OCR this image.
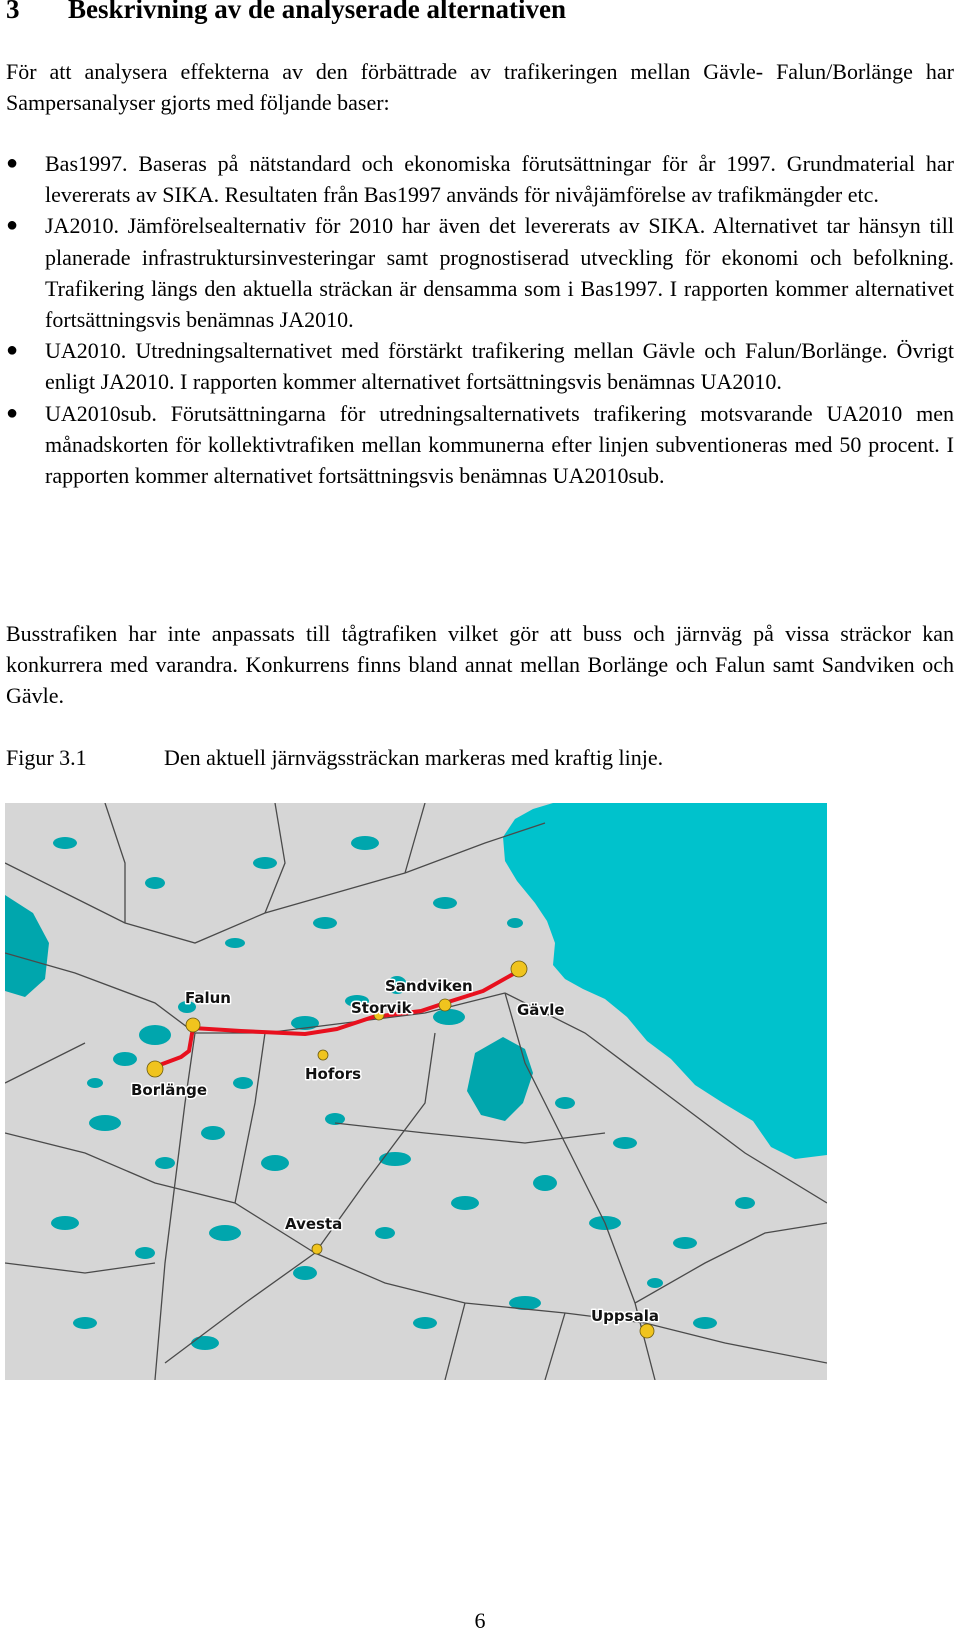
3 Beskrivning av de analyserade alternativen

För att analysera effekterna av den förbättrade av trafikeringen mellan Gävle- Falun/Borlänge har Sampersanalyser gjorts med följande baser:

● Bas1997. Baseras på nätstandard och ekonomiska förutsättningar för år 1997. Grundmaterial har levererats av SIKA. Resultaten från Bas1997 används för nivåjämförelse av trafikmängder etc.
● JA2010. Jämförelsealternativ för 2010 har även det levererats av SIKA. Alternativet tar hänsyn till planerade infrastruktursinvesteringar samt prognostiserad utveckling för ekonomi och befolkning. Trafikering längs den aktuella sträckan är densamma som i Bas1997. I rapporten kommer alternativet fortsättningsvis benämnas JA2010.
● UA2010. Utredningsalternativet med förstärkt trafikering mellan Gävle och Falun/Borlänge. Övrigt enligt JA2010. I rapporten kommer alternativet fortsättningsvis benämnas UA2010.
● UA2010sub. Förutsättningarna för utredningsalternativets trafikering motsvarande UA2010 men månadskorten för kollektivtrafiken mellan kommunerna efter linjen subventioneras med 50 procent. I rapporten kommer alternativet fortsättningsvis benämnas UA2010sub.

Busstrafiken har inte anpassats till tågtrafiken vilket gör att buss och järnväg på vissa sträckor kan konkurrera med varandra. Konkurrens finns bland annat mellan Borlänge och Falun samt Sandviken och Gävle.

Figur 3.1	Den aktuell järnvägssträckan markeras med kraftig linje.
Falun
Borlänge
Storvik
Sandviken
Gävle
Hofors
Avesta
Uppsala
6
